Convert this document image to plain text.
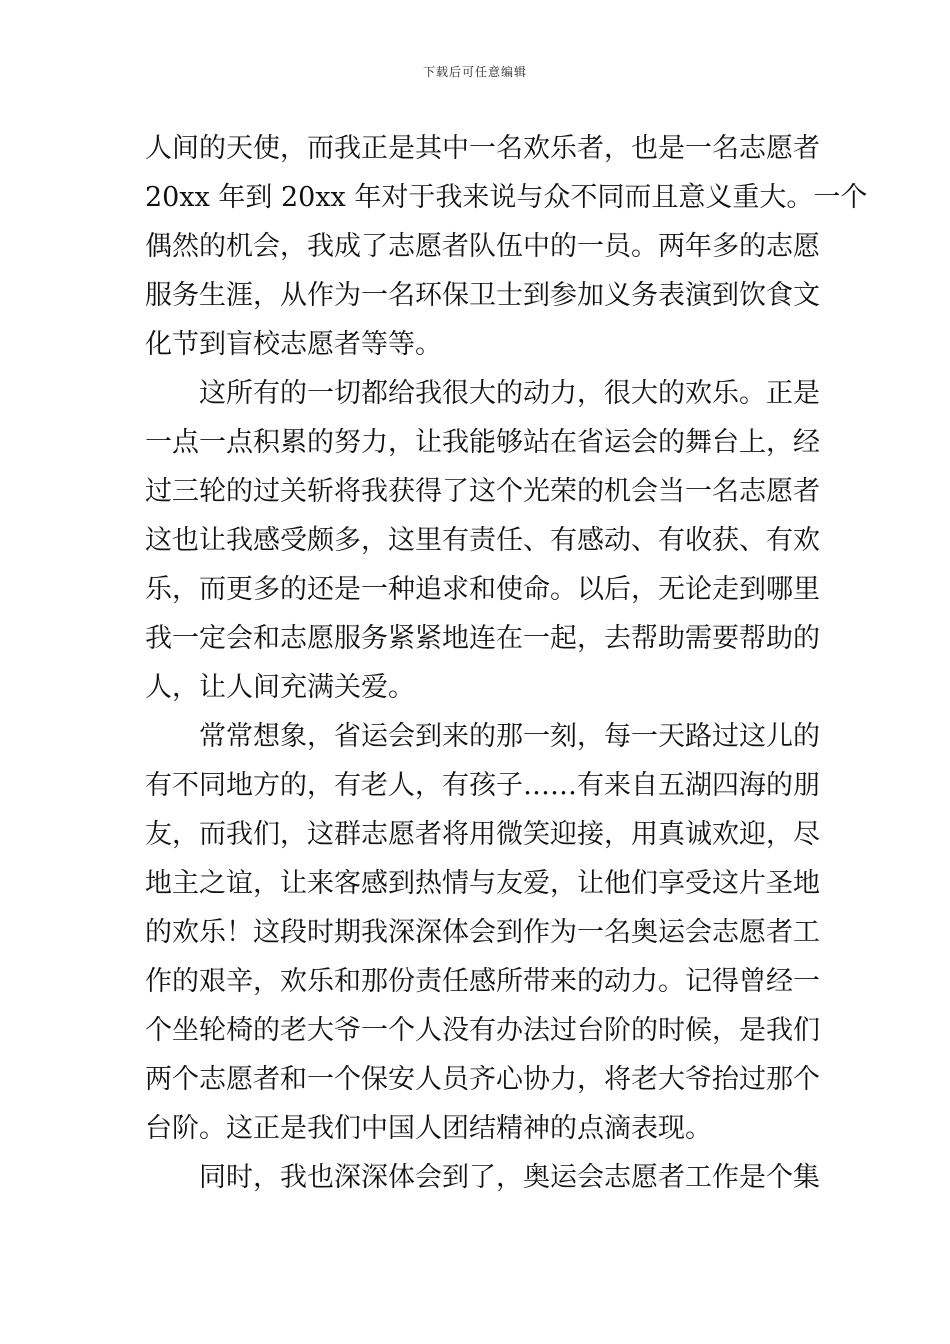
下载后可任意编辑
人间的天使，而我正是其中一名欢乐者，也是一名志愿者
20xx 年到 20xx 年对于我来说与众不同而且意义重大。一个
偶然的机会，我成了志愿者队伍中的一员。两年多的志愿
服务生涯，从作为一名环保卫士到参加义务表演到饮食文
化节到盲校志愿者等等。
这所有的一切都给我很大的动力，很大的欢乐。正是
一点一点积累的努力，让我能够站在省运会的舞台上，经
过三轮的过关斩将我获得了这个光荣的机会当一名志愿者
这也让我感受颇多，这里有责任、有感动、有收获、有欢
乐，而更多的还是一种追求和使命。以后，无论走到哪里
我一定会和志愿服务紧紧地连在一起，去帮助需要帮助的
人，让人间充满关爱。
常常想象，省运会到来的那一刻，每一天路过这儿的
有不同地方的，有老人，有孩子……有来自五湖四海的朋
友，而我们，这群志愿者将用微笑迎接，用真诚欢迎，尽
地主之谊，让来客感到热情与友爱，让他们享受这片圣地
的欢乐！这段时期我深深体会到作为一名奥运会志愿者工
作的艰辛，欢乐和那份责任感所带来的动力。记得曾经一
个坐轮椅的老大爷一个人没有办法过台阶的时候，是我们
两个志愿者和一个保安人员齐心协力，将老大爷抬过那个
台阶。这正是我们中国人团结精神的点滴表现。
同时，我也深深体会到了，奥运会志愿者工作是个集
